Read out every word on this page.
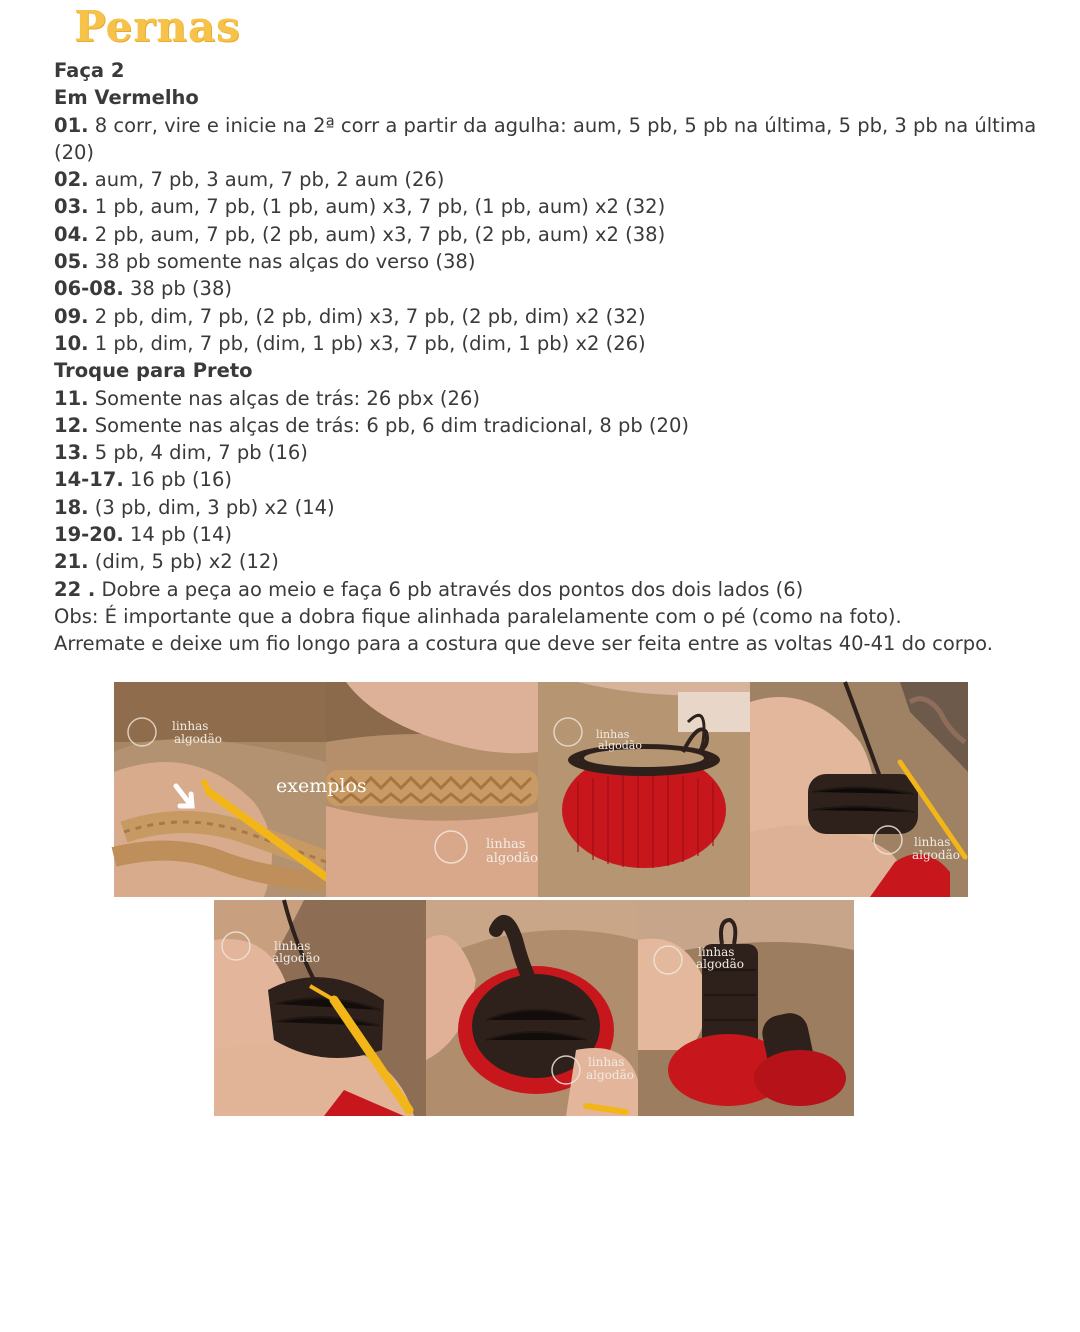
Pernas
Faça 2
Em Vermelho
01. 8 corr, vire e inicie na 2ª corr a partir da agulha: aum, 5 pb, 5 pb na última, 5 pb, 3 pb na última (20)
02. aum, 7 pb, 3 aum, 7 pb, 2 aum (26)
03. 1 pb, aum, 7 pb, (1 pb, aum) x3, 7 pb, (1 pb, aum) x2 (32)
04. 2 pb, aum, 7 pb, (2 pb, aum) x3, 7 pb, (2 pb, aum) x2 (38)
05. 38 pb somente nas alças do verso (38)
06-08. 38 pb (38)
09. 2 pb, dim, 7 pb, (2 pb, dim) x3, 7 pb, (2 pb, dim) x2 (32)
10. 1 pb, dim, 7 pb, (dim, 1 pb) x3, 7 pb, (dim, 1 pb) x2 (26)
Troque para Preto
11. Somente nas alças de trás: 26 pbx (26)
12. Somente nas alças de trás: 6 pb, 6 dim tradicional, 8 pb (20)
13. 5 pb, 4 dim, 7 pb (16)
14-17. 16 pb (16)
18. (3 pb, dim, 3 pb) x2 (14)
19-20. 14 pb (14)
21. (dim, 5 pb) x2 (12)
22 . Dobre a peça ao meio e faça 6 pb através dos pontos dos dois lados (6)
Obs: É importante que a dobra fique alinhada paralelamente com o pé (como na foto).
Arremate e deixe um fio longo para a costura que deve ser feita entre as voltas 40-41 do corpo.
linhas
algodão
exemplos
linhas
algodão
linhas
algodão
linhas
algodão
linhas
algodão
linhas
algodão
linhas
algodão
